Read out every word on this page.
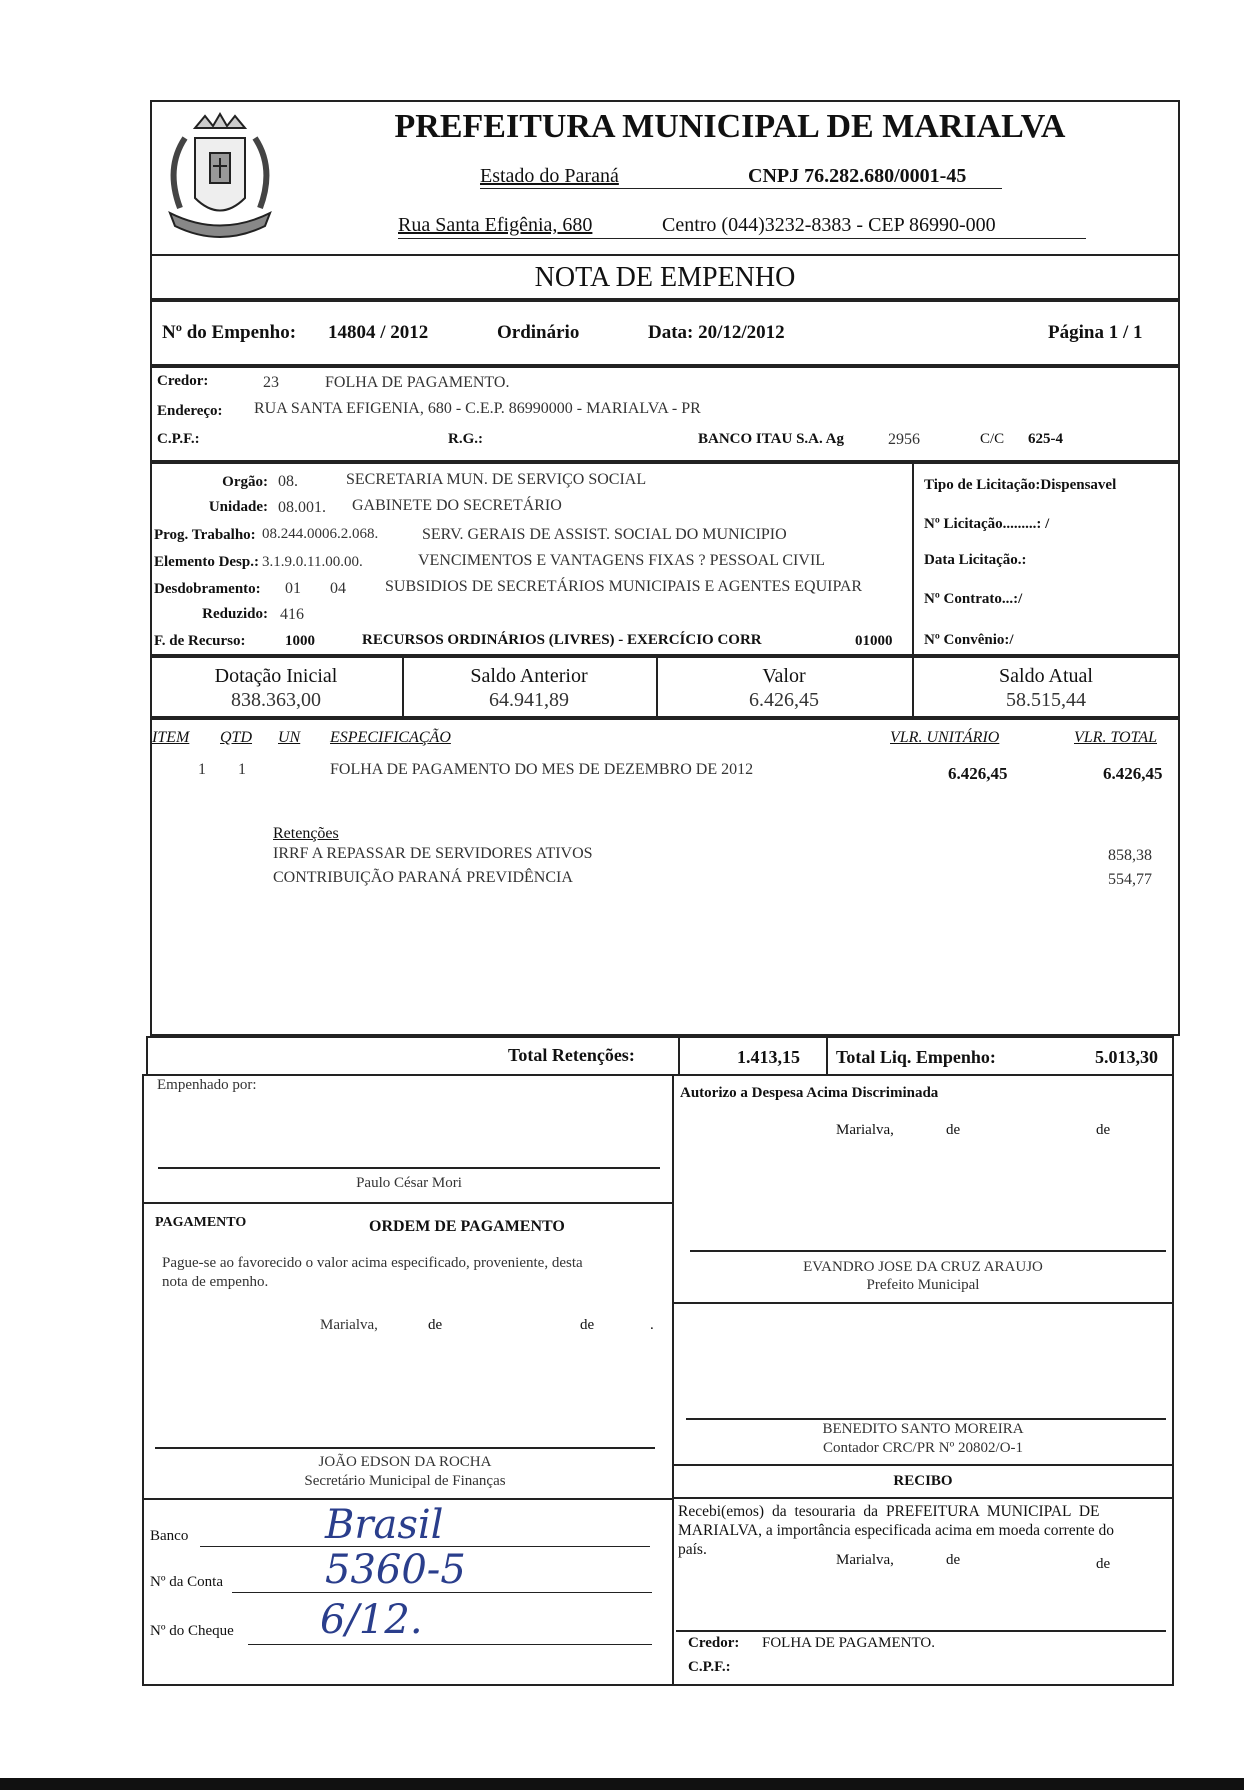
PREFEITURA MUNICIPAL DE MARIALVA
Estado do Paraná	CNPJ 76.282.680/0001-45
Rua Santa Efigênia, 680	Centro (044)3232-8383 - CEP 86990-000
NOTA DE EMPENHO
Nº do Empenho: 14804 / 2012	Ordinário	Data: 20/12/2012	Página 1 / 1
Credor:	23	FOLHA DE PAGAMENTO.
Endereço: RUA SANTA EFIGENIA, 680 - C.E.P. 86990000 - MARIALVA - PR
C.P.F.:	R.G.:	BANCO ITAU S.A. Ag	2956	C/C 625-4
Orgão: 08.	SECRETARIA MUN. DE SERVIÇO SOCIAL
Unidade: 08.001. GABINETE DO SECRETÁRIO
Prog. Trabalho: 08.244.0006.2.068.	SERV. GERAIS DE ASSIST. SOCIAL DO MUNICIPIO
Elemento Desp.: 3.1.9.0.11.00.00.	VENCIMENTOS E VANTAGENS FIXAS ? PESSOAL CIVIL
Desdobramento: 01 04 SUBSIDIOS DE SECRETÁRIOS MUNICIPAIS E AGENTES EQUIPAR
Reduzido: 416
F. de Recurso:	1000	RECURSOS ORDINÁRIOS (LIVRES) - EXERCÍCIO CORR	01000
Tipo de Licitação:Dispensavel
Nº Licitação.........: /
Data Licitação.:
Nº Contrato...:/
Nº Convênio:/
Dotação Inicial
838.363,00
Saldo Anterior
64.941,89
Valor
6.426,45
Saldo Atual
58.515,44
ITEM QTD UN ESPECIFICAÇÃO	VLR. UNITÁRIO	VLR. TOTAL
1 1	FOLHA DE PAGAMENTO DO MES DE DEZEMBRO DE 2012	6.426,45	6.426,45
Retenções
IRRF A REPASSAR DE SERVIDORES ATIVOS	858,38
CONTRIBUIÇÃO PARANÁ PREVIDÊNCIA	554,77
Total Retenções:	1.413,15 Total Liq. Empenho:	5.013,30
Empenhado por:
Paulo César Mori
PAGAMENTO	ORDEM DE PAGAMENTO
Pague-se ao favorecido o valor acima especificado, proveniente, desta
nota de empenho.
Marialva,	de	de	.
JOÃO EDSON DA ROCHA
Secretário Municipal de Finanças
Banco	Brasil
Nº da Conta	5360-5
Nº do Cheque 6/12.
Autorizo a Despesa Acima Discriminada
Marialva,	de	de
EVANDRO JOSE DA CRUZ ARAUJO
Prefeito Municipal
BENEDITO SANTO MOREIRA
Contador CRC/PR Nº 20802/O-1
RECIBO
Recebi(emos) da tesouraria da PREFEITURA MUNICIPAL DE
MARIALVA, a importância especificada acima em moeda corrente do
país.
Marialva,	de	de
Credor: FOLHA DE PAGAMENTO.
C.P.F.:
